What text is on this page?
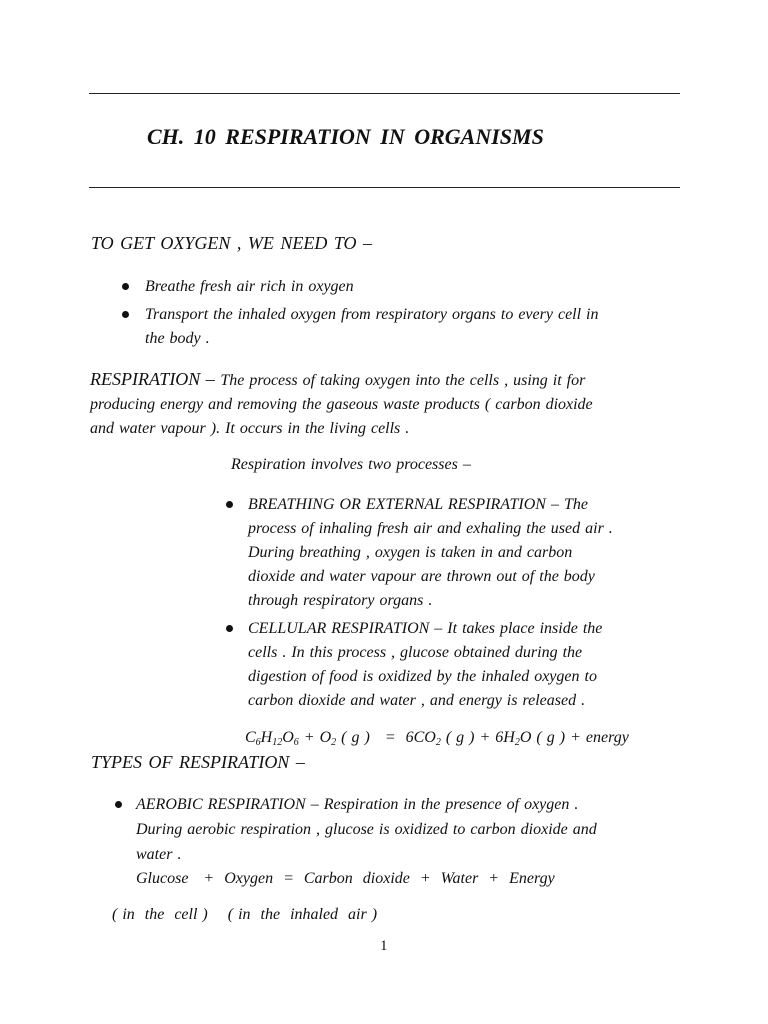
CH. 10 RESPIRATION IN ORGANISMS
TO GET OXYGEN , WE NEED TO –
Breathe fresh air rich in oxygen
Transport the inhaled oxygen from respiratory organs to every cell in
the body .
RESPIRATION – The process of taking oxygen into the cells , using it for
producing energy and removing the gaseous waste products ( carbon dioxide
and water vapour ). It occurs in the living cells .
Respiration involves two processes –
BREATHING OR EXTERNAL RESPIRATION – The
process of inhaling fresh air and exhaling the used air .
During breathing , oxygen is taken in and carbon
dioxide and water vapour are thrown out of the body
through respiratory organs .
CELLULAR RESPIRATION – It takes place inside the
cells . In this process , glucose obtained during the
digestion of food is oxidized by the inhaled oxygen to
carbon dioxide and water , and energy is released .
$C_6H_{12}O_6 + O_2$ ( g )   =  $6CO_2$ ( g ) + $6H_2O$ ( g ) + energy
TYPES OF RESPIRATION –
AEROBIC RESPIRATION – Respiration in the presence of oxygen .
During aerobic respiration , glucose is oxidized to carbon dioxide and
water .
Glucose   +  Oxygen  =  Carbon  dioxide  +  Water  +  Energy
( in  the  cell )    ( in  the  inhaled  air )
1
